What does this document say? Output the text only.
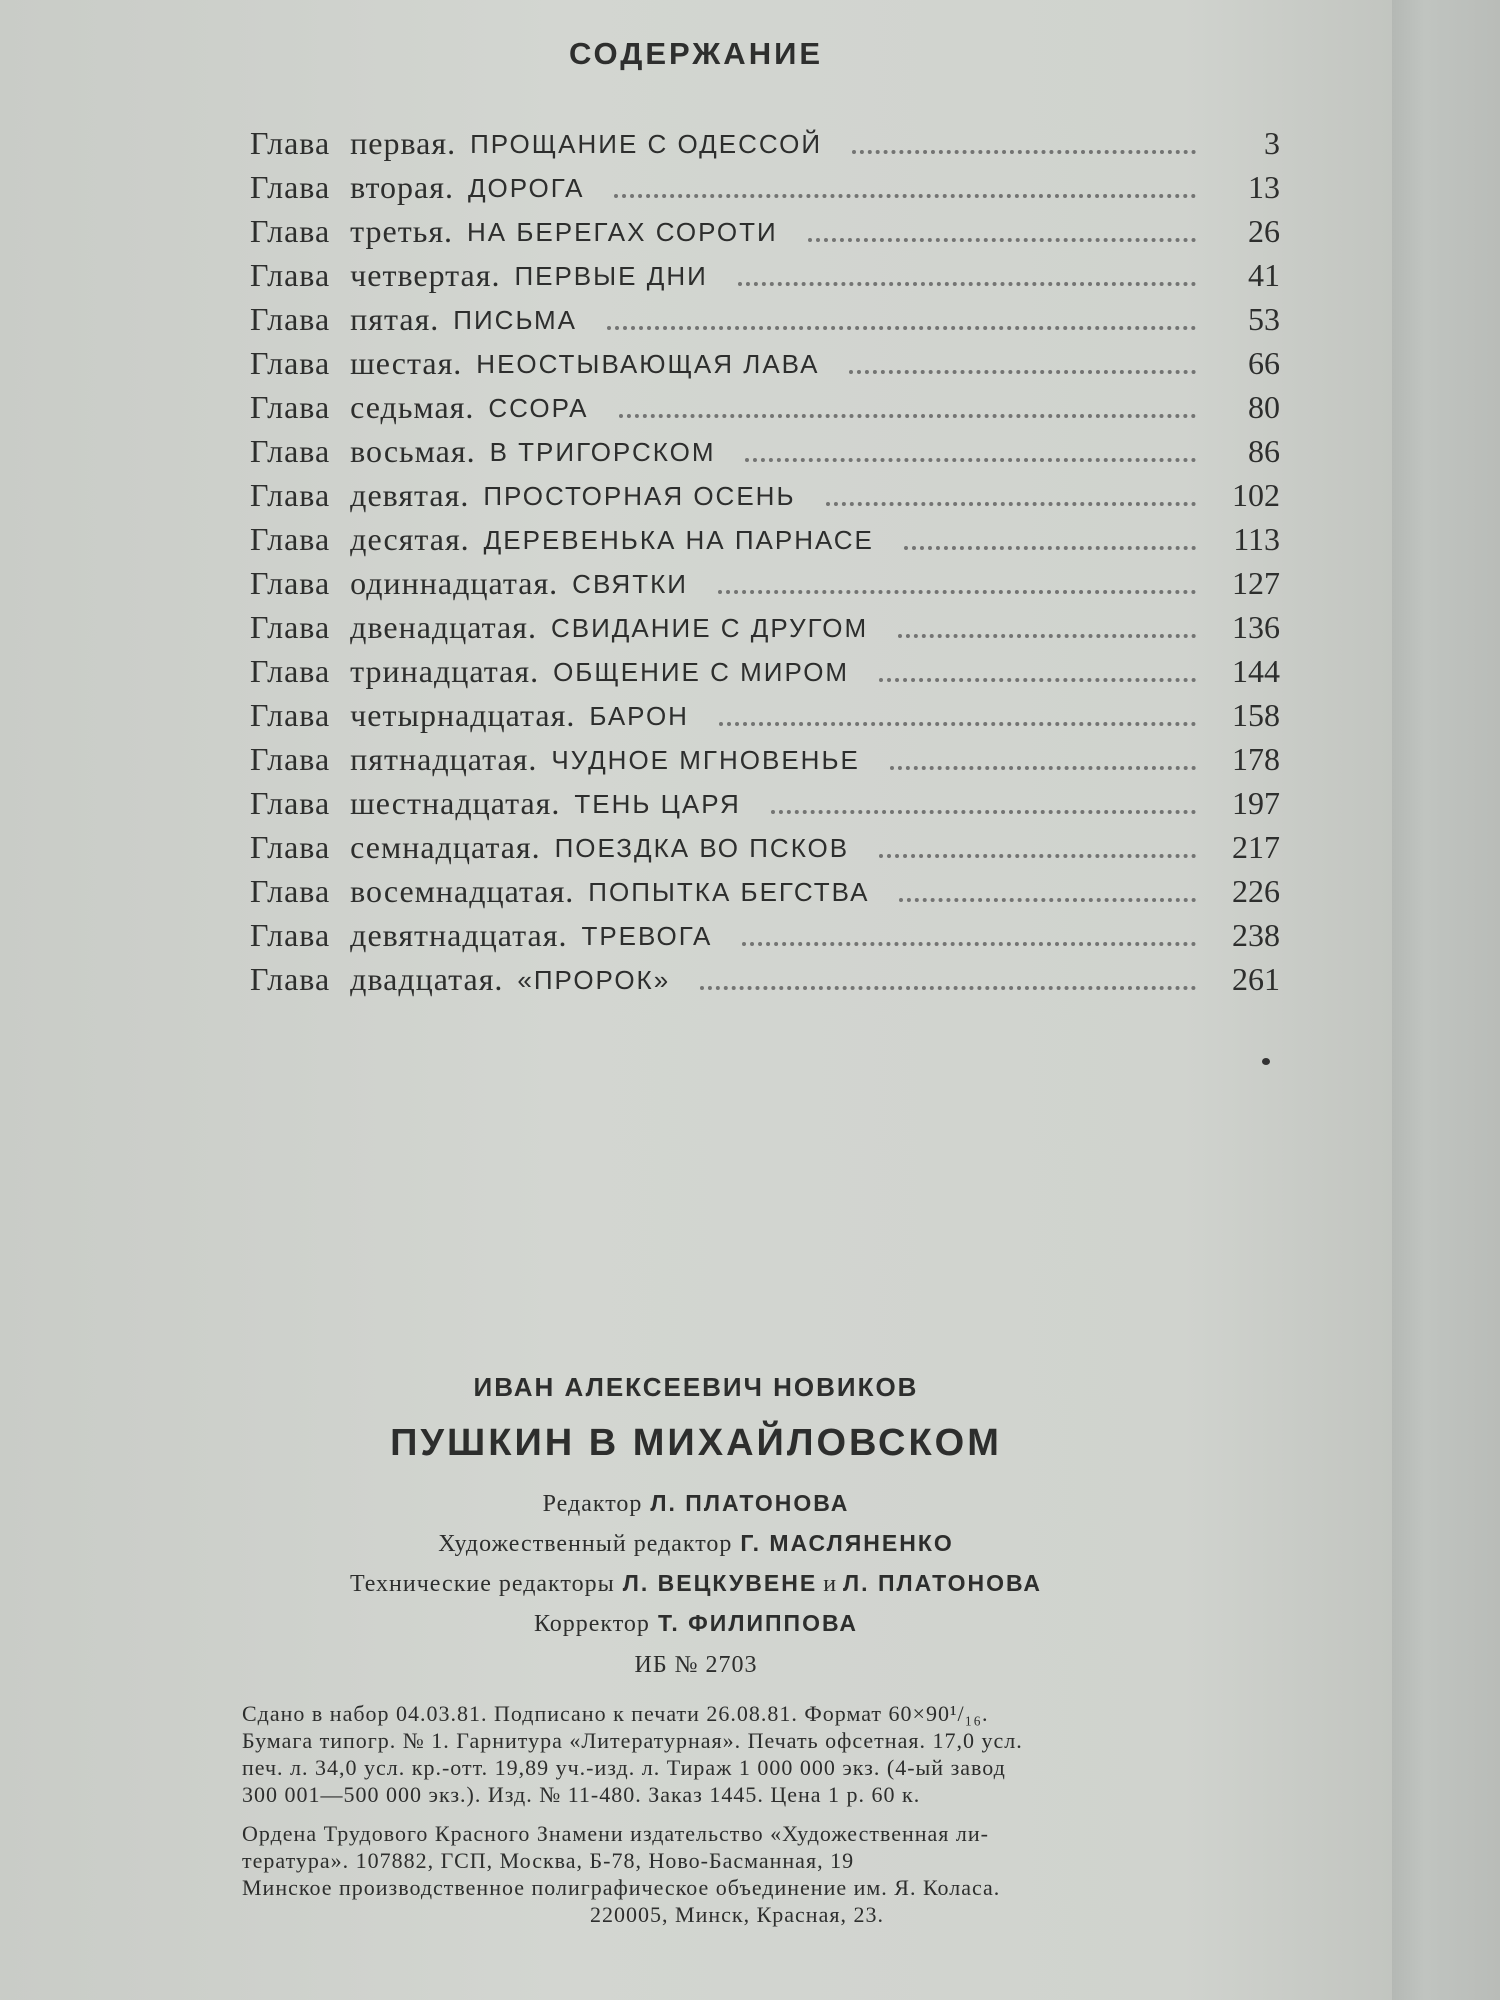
СОДЕРЖАНИЕ
Глава первая. ПРОЩАНИЕ С ОДЕССОЙ	3
Глава вторая. ДОРОГА	13
Глава третья. НА БЕРЕГАХ СОРОТИ	26
Глава четвертая. ПЕРВЫЕ ДНИ	41
Глава пятая. ПИСЬМА	53
Глава шестая. НЕОСТЫВАЮЩАЯ ЛАВА	66
Глава седьмая. ССОРА	80
Глава восьмая. В ТРИГОРСКОМ	86
Глава девятая. ПРОСТОРНАЯ ОСЕНЬ	102
Глава десятая. ДЕРЕВЕНЬКА НА ПАРНАСЕ	113
Глава одиннадцатая. СВЯТКИ	127
Глава двенадцатая. СВИДАНИЕ С ДРУГОМ	136
Глава тринадцатая. ОБЩЕНИЕ С МИРОМ	144
Глава четырнадцатая. БАРОН	158
Глава пятнадцатая. ЧУДНОЕ МГНОВЕНЬЕ	178
Глава шестнадцатая. ТЕНЬ ЦАРЯ	197
Глава семнадцатая. ПОЕЗДКА ВО ПСКОВ	217
Глава восемнадцатая. ПОПЫТКА БЕГСТВА	226
Глава девятнадцатая. ТРЕВОГА	238
Глава двадцатая. «ПРОРОК»	261
ИВАН АЛЕКСЕЕВИЧ НОВИКОВ
ПУШКИН В МИХАЙЛОВСКОМ
Редактор Л. ПЛАТОНОВА
Художественный редактор Г. МАСЛЯНЕНКО
Технические редакторы Л. ВЕЦКУВЕНЕ и Л. ПЛАТОНОВА
Корректор Т. ФИЛИППОВА
ИБ № 2703
Сдано в набор 04.03.81. Подписано к печати 26.08.81. Формат 60×90¹/₁₆.
Бумага типогр. № 1. Гарнитура «Литературная». Печать офсетная. 17,0 усл.
печ. л. 34,0 усл. кр.-отт. 19,89 уч.-изд. л. Тираж 1 000 000 экз. (4-ый завод
300 001—500 000 экз.). Изд. № 11-480. Заказ 1445. Цена 1 р. 60 к.
Ордена Трудового Красного Знамени издательство «Художественная ли-
тература». 107882, ГСП, Москва, Б-78, Ново-Басманная, 19
Минское производственное полиграфическое объединение им. Я. Коласа.
220005, Минск, Красная, 23.
